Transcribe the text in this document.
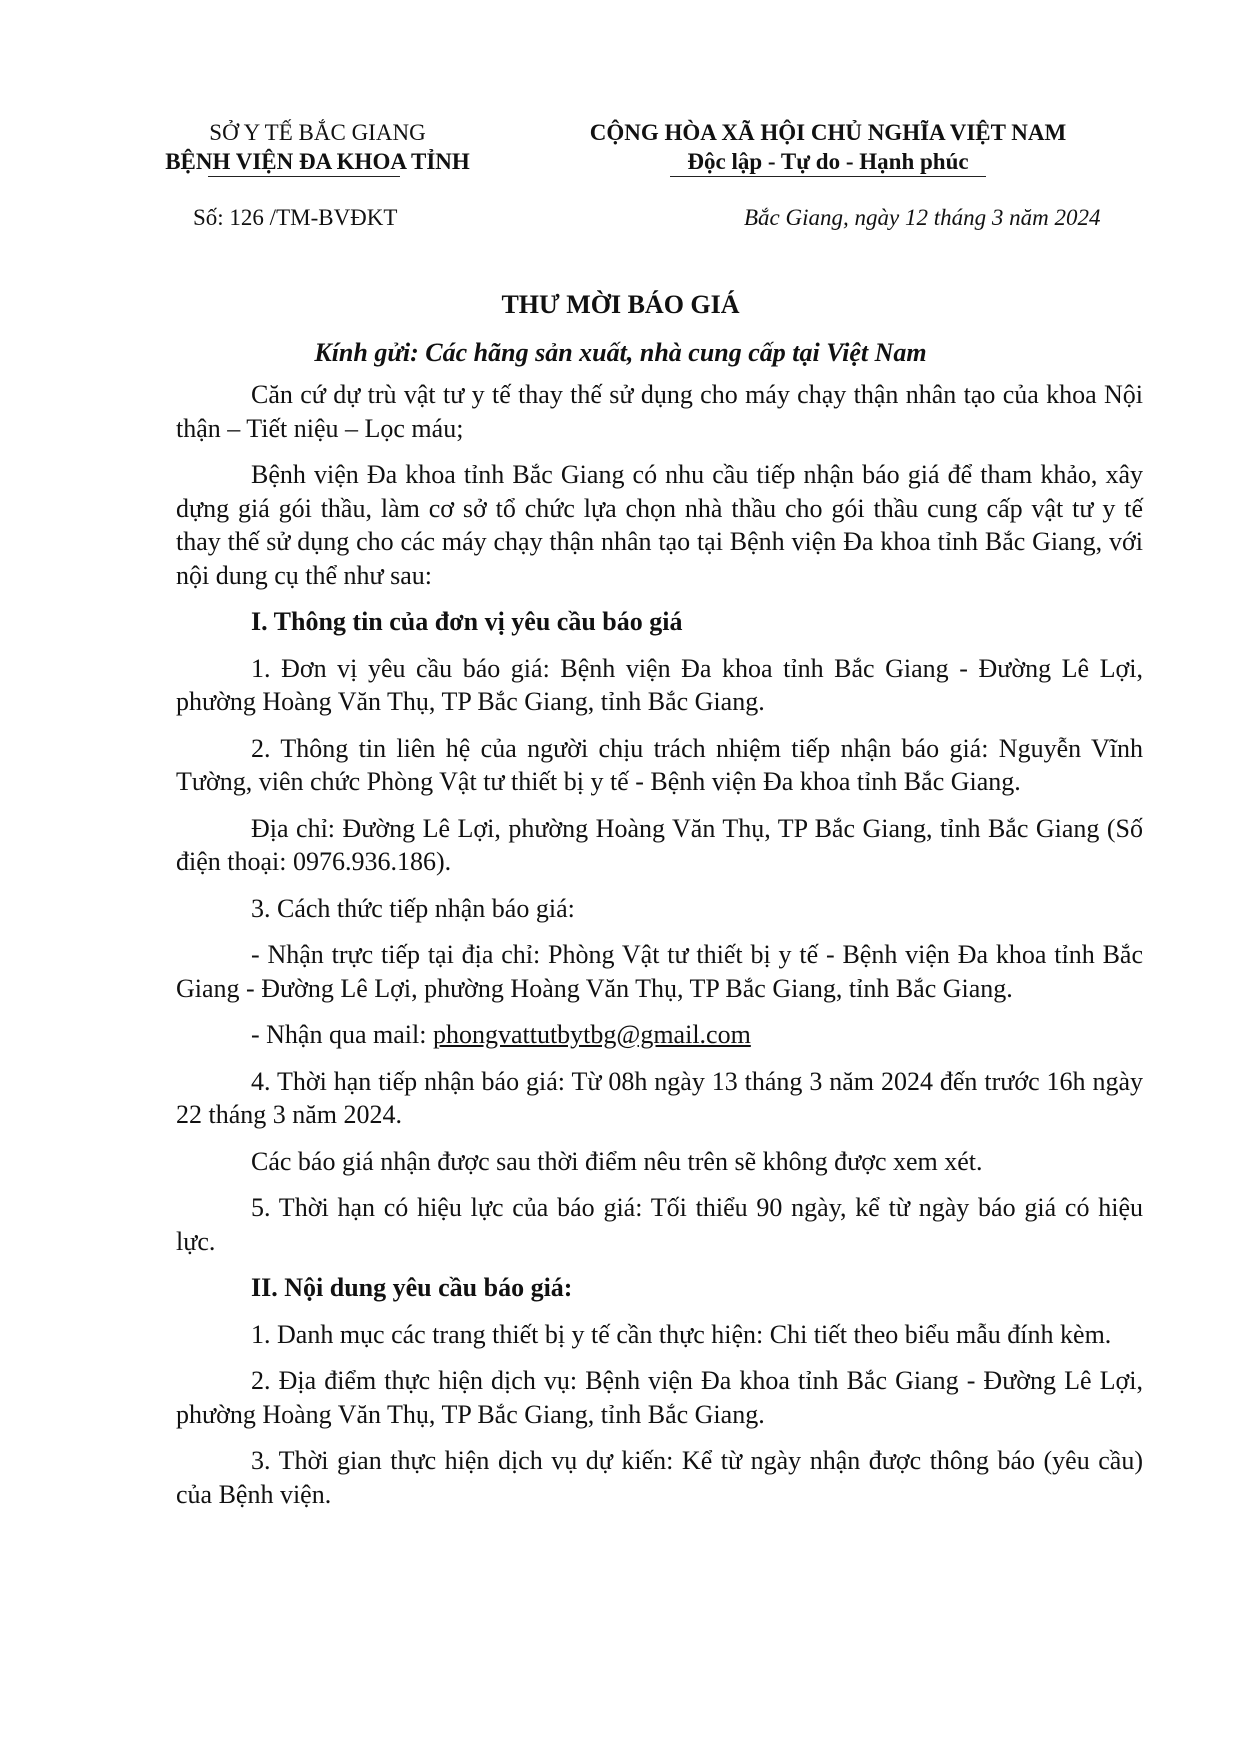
SỞ Y TẾ BẮC GIANG
BỆNH VIỆN ĐA KHOA TỈNH
CỘNG HÒA XÃ HỘI CHỦ NGHĨA VIỆT NAM
Độc lập - Tự do - Hạnh phúc
Số: 126 /TM-BVĐKT	Bắc Giang, ngày 12 tháng 3 năm 2024
THƯ MỜI BÁO GIÁ
Kính gửi: Các hãng sản xuất, nhà cung cấp tại Việt Nam

Căn cứ dự trù vật tư y tế thay thế sử dụng cho máy chạy thận nhân tạo của khoa Nội thận – Tiết niệu – Lọc máu;

Bệnh viện Đa khoa tỉnh Bắc Giang có nhu cầu tiếp nhận báo giá để tham khảo, xây dựng giá gói thầu, làm cơ sở tổ chức lựa chọn nhà thầu cho gói thầu cung cấp vật tư y tế thay thế sử dụng cho các máy chạy thận nhân tạo tại Bệnh viện Đa khoa tỉnh Bắc Giang, với nội dung cụ thể như sau:

I. Thông tin của đơn vị yêu cầu báo giá

1. Đơn vị yêu cầu báo giá: Bệnh viện Đa khoa tỉnh Bắc Giang - Đường Lê Lợi, phường Hoàng Văn Thụ, TP Bắc Giang, tỉnh Bắc Giang.

2. Thông tin liên hệ của người chịu trách nhiệm tiếp nhận báo giá: Nguyễn Vĩnh Tường, viên chức Phòng Vật tư thiết bị y tế - Bệnh viện Đa khoa tỉnh Bắc Giang.

Địa chỉ: Đường Lê Lợi, phường Hoàng Văn Thụ, TP Bắc Giang, tỉnh Bắc Giang (Số điện thoại: 0976.936.186).

3. Cách thức tiếp nhận báo giá:

- Nhận trực tiếp tại địa chỉ: Phòng Vật tư thiết bị y tế - Bệnh viện Đa khoa tỉnh Bắc Giang - Đường Lê Lợi, phường Hoàng Văn Thụ, TP Bắc Giang, tỉnh Bắc Giang.

- Nhận qua mail: phongvattutbytbg@gmail.com

4. Thời hạn tiếp nhận báo giá: Từ 08h ngày 13 tháng 3 năm 2024 đến trước 16h ngày 22 tháng 3 năm 2024.

Các báo giá nhận được sau thời điểm nêu trên sẽ không được xem xét.

5. Thời hạn có hiệu lực của báo giá: Tối thiểu 90 ngày, kể từ ngày báo giá có hiệu lực.

II. Nội dung yêu cầu báo giá:

1. Danh mục các trang thiết bị y tế cần thực hiện: Chi tiết theo biểu mẫu đính kèm.

2. Địa điểm thực hiện dịch vụ: Bệnh viện Đa khoa tỉnh Bắc Giang - Đường Lê Lợi, phường Hoàng Văn Thụ, TP Bắc Giang, tỉnh Bắc Giang.

3. Thời gian thực hiện dịch vụ dự kiến: Kể từ ngày nhận được thông báo (yêu cầu) của Bệnh viện.
